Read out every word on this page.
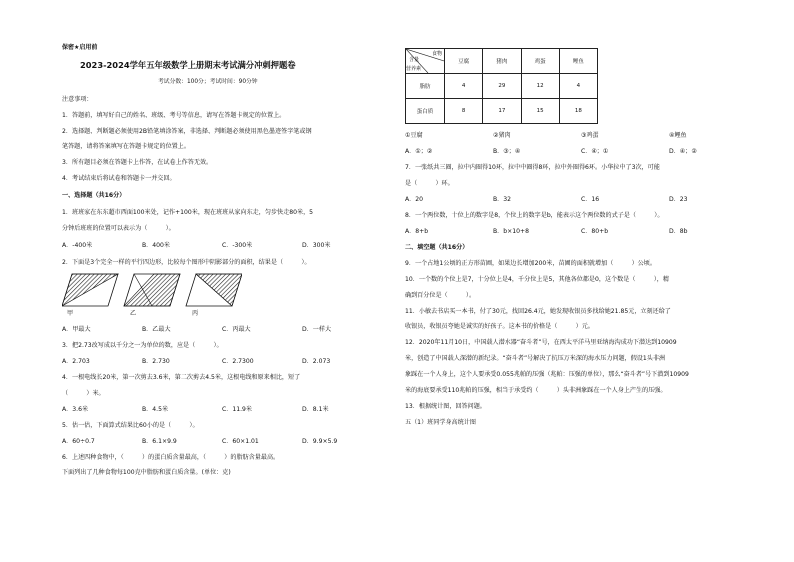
保密★启用前
2023-2024学年五年级数学上册期末考试满分冲刺押题卷
考试分数：100分；考试时间：90分钟
注意事项：
1．答题前，填写好自己的姓名、班级、考号等信息，请写在答题卡规定的位置上。
2．选择题、判断题必须使用2B铅笔填涂答案，非选择、判断题必须使用黑色墨迹签字笔或钢
笔答题，请将答案填写在答题卡规定的位置上。
3．所有题目必须在答题卡上作答，在试卷上作答无效。
4．考试结束后将试卷和答题卡一并交回。
一、选择题（共16分）
1．班班家在东东超市西面100米处，记作+100米，现在班班从家向东走，匀步快走80米，5
分钟后班班的位置可以表示为（　　　）。
A．-400米	B．400米	C．-300米	D．300米
2．下面是3个完全一样的平行四边形，比较每个图形中阴影部分的面积，结果是（　　　）。
甲	乙	丙
A．甲最大	B．乙最大	C．丙最大	D．一样大
3．把2.73改写成以千分之一为单位的数，应是（　　　）。
A．2.703	B．2.730	C．2.7300	D．2.073
4．一根电线长20米，第一次剪去3.6米，第二次剪去4.5米，这根电线和原来相比，短了
（　　　）米。
A．3.6米	B．4.5米	C．11.9米	D．8.1米
5．估一估，下面算式结果比60小的是（　　　）。
A．60÷0.7	B．6.1×9.9	C．60×1.01	D．9.9×5.9
6．上述四种食物中，（　　　）的蛋白质含量最高，（　　　）的脂肪含量最高。
下面列出了几种食物每100克中脂肪和蛋白质含量。(单位：克)
食物
含量
营养素	豆腐	猪肉	鸡蛋	鲤鱼
脂肪	4	29	12	4
蛋白质	8	17	15	18
①豆腐	②猪肉	③鸡蛋	④鲤鱼
A．①；②	B．③；④	C．④；①	D．④；②
7．一张纸共三圈，拉中内圈得10环，拉中中圈得8环，拉中外圈得6环。小华拉中了3次，可能
是（　　　）环。
A．20	B．32	C．16	D．23
8．一个两位数，十位上的数字是8，个位上的数字是b，能表示这个两位数的式子是（　　　）。
A．8+b	B．b×10+8	C．80+b	D．8b
二、填空题（共16分）
9．一个占地1公顷的正方形苗圃，如果边长增加200米，苗圃的面积就增加（　　　）公顷。
10．一个数的个位上是7，十分位上是4，千分位上是5，其他各位都是0，这个数是（　　　），精
确到百分位是（　　　）。
11．小敏去书店买一本书，付了30元，找回26.4元，她发现收银员多找给她21.85元，立刻还给了
收银员，收银员夸她是诚实的好孩子。这本书的价格是（　　　）元。
12．2020年11月10日，中国载人潜水器“奋斗者”号，在西太平洋马里亚纳海沟成功下潜达到10909
米，创造了中国载人深潜的新纪录。“奋斗者”号解决了抗压万米深的海水压力问题，假设1头非洲
象踩在一个人身上，这个人要承受0.055兆帕的压强（兆帕：压强的单位），那么“奋斗者”号下潜到10909
米的海底要承受110兆帕的压强，相当于承受约（　　　）头非洲象踩在一个人身上产生的压强。
13．根据统计图，回答问题。
五（1）班同学身高统计图
